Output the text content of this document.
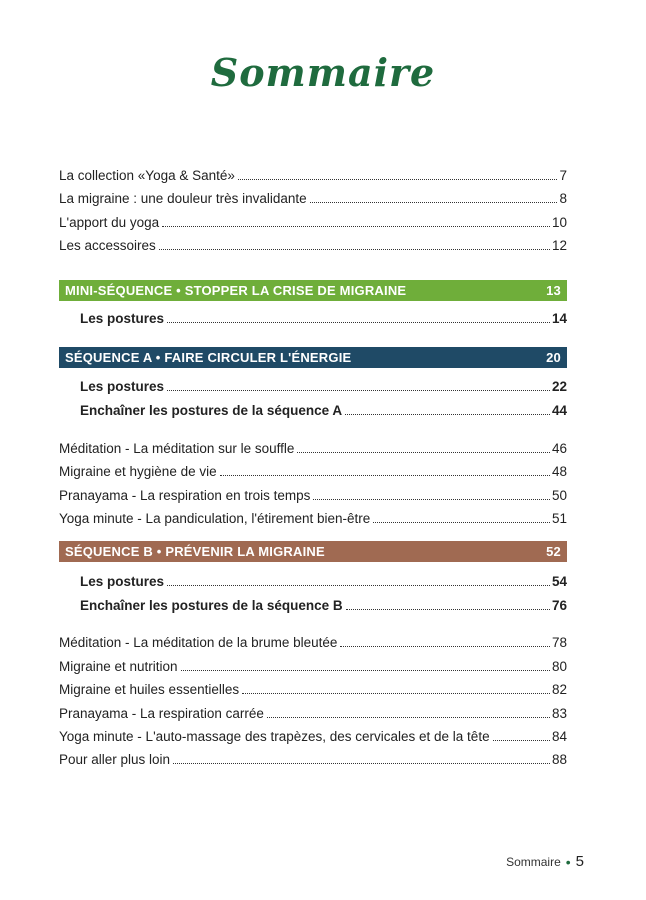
Sommaire
La collection «Yoga & Santé»	7
La migraine : une douleur très invalidante	8
L'apport du yoga	10
Les accessoires	12
MINI-SÉQUENCE • STOPPER LA CRISE DE MIGRAINE	13
Les postures	14
SÉQUENCE A • FAIRE CIRCULER L'ÉNERGIE	20
Les postures	22
Enchaîner les postures de la séquence A	44
Méditation - La méditation sur le souffle	46
Migraine et hygiène de vie	48
Pranayama - La respiration en trois temps	50
Yoga minute - La pandiculation, l'étirement bien-être	51
SÉQUENCE B • PRÉVENIR LA MIGRAINE	52
Les postures	54
Enchaîner les postures de la séquence B	76
Méditation - La méditation de la brume bleutée	78
Migraine et nutrition	80
Migraine et huiles essentielles	82
Pranayama - La respiration carrée	83
Yoga minute - L'auto-massage des trapèzes, des cervicales et de la tête	84
Pour aller plus loin	88
Sommaire • 5
